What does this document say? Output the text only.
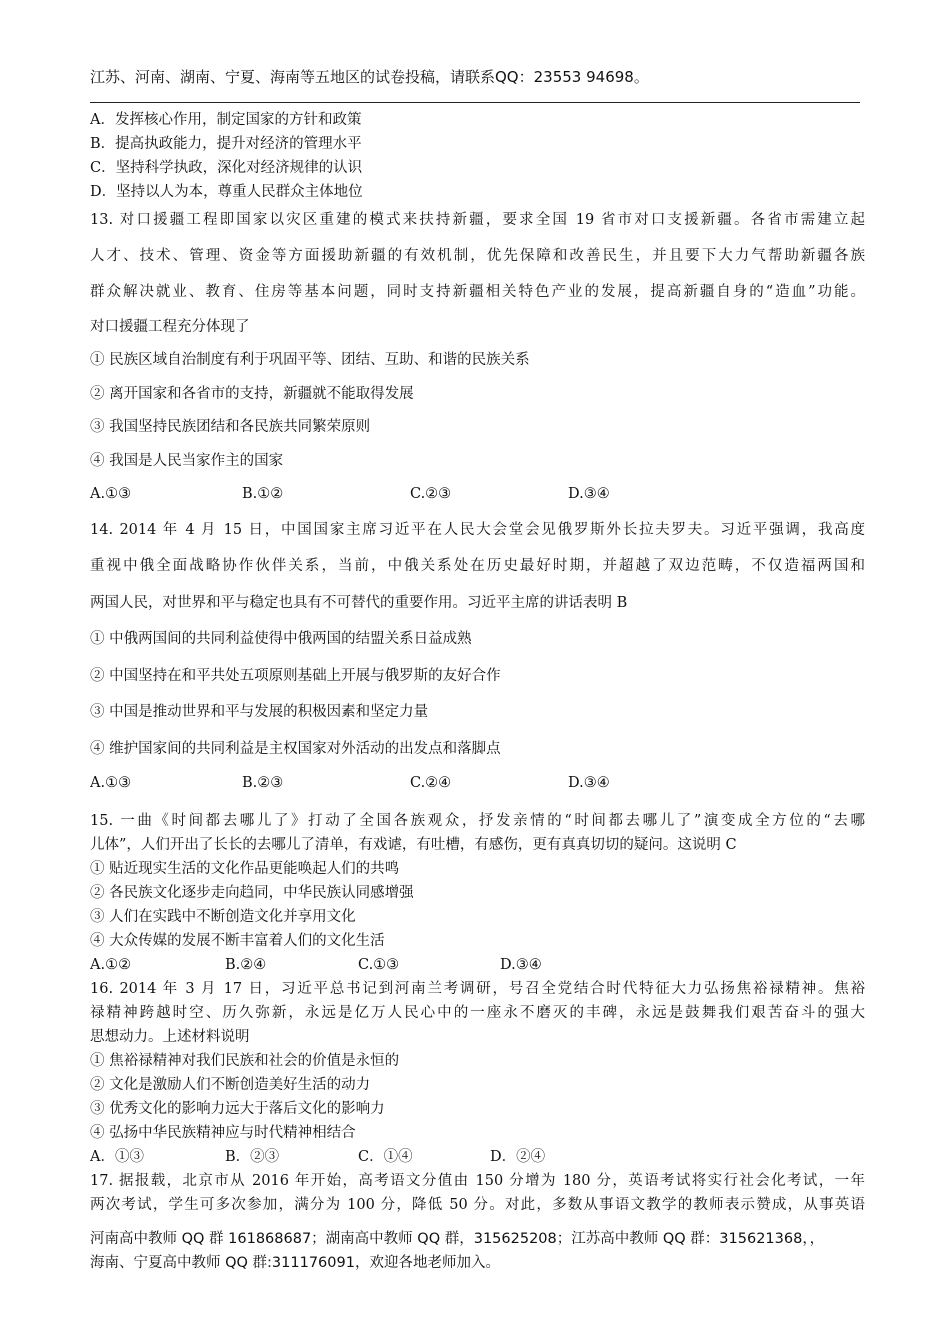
江苏、河南、湖南、宁夏、海南等五地区的试卷投稿，请联系QQ：23553 94698。
A．发挥核心作用，制定国家的方针和政策
B．提高执政能力，提升对经济的管理水平
C．坚持科学执政，深化对经济规律的认识
D．坚持以人为本，尊重人民群众主体地位
13. 对口援疆工程即国家以灾区重建的模式来扶持新疆，要求全国 19 省市对口支援新疆。各省市需建立起
人才、技术、管理、资金等方面援助新疆的有效机制，优先保障和改善民生，并且要下大力气帮助新疆各族
群众解决就业、教育、住房等基本问题，同时支持新疆相关特色产业的发展，提高新疆自身的“造血”功能。
对口援疆工程充分体现了
① 民族区域自治制度有利于巩固平等、团结、互助、和谐的民族关系
② 离开国家和各省市的支持，新疆就不能取得发展
③ 我国坚持民族团结和各民族共同繁荣原则
④ 我国是人民当家作主的国家
A.①③	B.①②	C.②③	D.③④
14. 2014 年 4 月 15 日，中国国家主席习近平在人民大会堂会见俄罗斯外长拉夫罗夫。习近平强调，我高度
重视中俄全面战略协作伙伴关系，当前，中俄关系处在历史最好时期，并超越了双边范畴，不仅造福两国和
两国人民，对世界和平与稳定也具有不可替代的重要作用。习近平主席的讲话表明 B
① 中俄两国间的共同利益使得中俄两国的结盟关系日益成熟
② 中国坚持在和平共处五项原则基础上开展与俄罗斯的友好合作
③ 中国是推动世界和平与发展的积极因素和坚定力量
④ 维护国家间的共同利益是主权国家对外活动的出发点和落脚点
A.①③	B.②③	C.②④	D.③④
15. 一曲《时间都去哪儿了》打动了全国各族观众，抒发亲情的“时间都去哪儿了”演变成全方位的“去哪
儿体”，人们开出了长长的去哪儿了清单，有戏谑，有吐槽，有感伤，更有真真切切的疑问。这说明 C
① 贴近现实生活的文化作品更能唤起人们的共鸣
② 各民族文化逐步走向趋同，中华民族认同感增强
③ 人们在实践中不断创造文化并享用文化
④ 大众传媒的发展不断丰富着人们的文化生活
A.①②	B.②④	C.①③	D.③④
16. 2014 年 3 月 17 日，习近平总书记到河南兰考调研，号召全党结合时代特征大力弘扬焦裕禄精神。焦裕
禄精神跨越时空、历久弥新，永远是亿万人民心中的一座永不磨灭的丰碑，永远是鼓舞我们艰苦奋斗的强大
思想动力。上述材料说明
① 焦裕禄精神对我们民族和社会的价值是永恒的
② 文化是激励人们不断创造美好生活的动力
③ 优秀文化的影响力远大于落后文化的影响力
④ 弘扬中华民族精神应与时代精神相结合
A．①③	B．②③	C．①④	D．②④
17. 据报载，北京市从 2016 年开始，高考语文分值由 150 分增为 180 分，英语考试将实行社会化考试，一年
两次考试，学生可多次参加，满分为 100 分，降低 50 分。对此，多数从事语文教学的教师表示赞成，从事英语
河南高中教师 QQ 群 161868687；湖南高中教师 QQ 群，315625208；江苏高中教师 QQ 群：315621368，，
海南、宁夏高中教师 QQ 群:311176091，欢迎各地老师加入。
